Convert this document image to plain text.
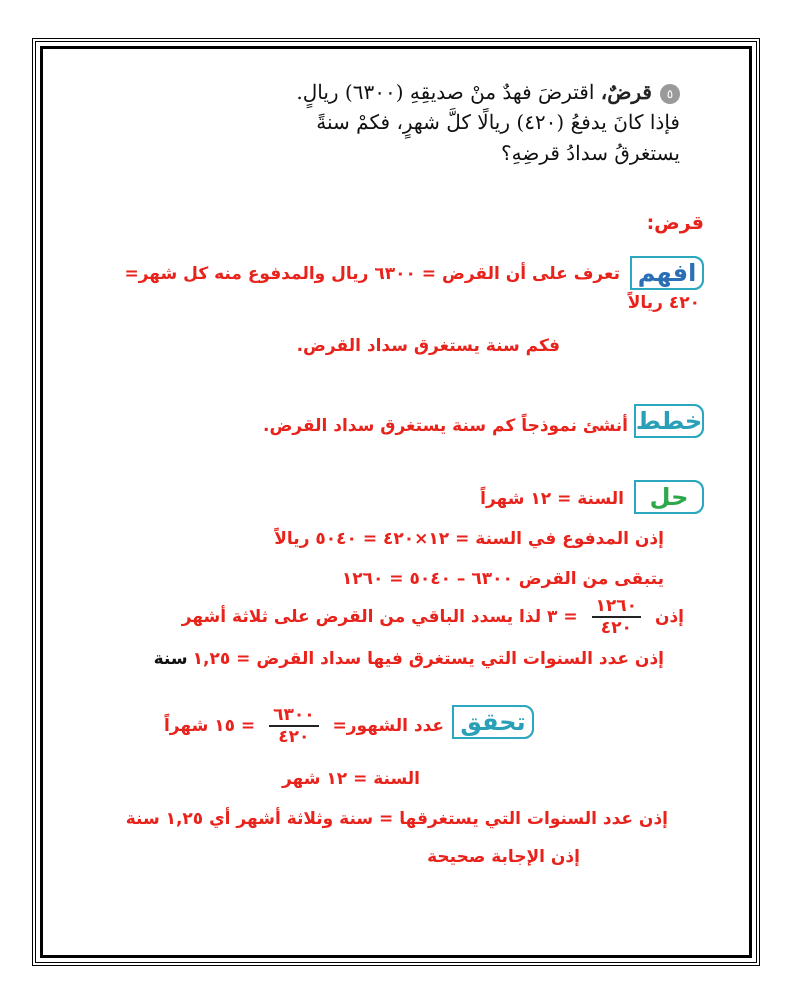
٥قرضٌ، اقترضَ فهدٌ منْ صديقِهِ (٦٣٠٠) ريالٍ.
فإذا كانَ يدفعُ (٤٢٠) ريالًا كلَّ شهرٍ، فكمْ سنةً
يستغرقُ سدادُ قرضِهِ؟
قرض:
افهم
تعرف على أن القرض = ٦٣٠٠ ريال والمدفوع منه كل شهر=
٤٢٠ ريالاً
فكم سنة يستغرق سداد القرض.
خطط
أنشئ نموذجاً كم سنة يستغرق سداد القرض.
حل
السنة = ١٢ شهراً
إذن المدفوع في السنة = ١٢×٤٢٠ = ٥٠٤٠ ريالاً
يتبقى من القرض ٦٣٠٠ – ٥٠٤٠ = ١٢٦٠
إذن
$\frac{١٢٦٠}{٤٢٠}$
= ٣ لذا يسدد الباقي من القرض على ثلاثة أشهر
إذن عدد السنوات التي يستغرق فيها سداد القرض = ١,٢٥ سنة
تحقق
عدد الشهور=
$\frac{٦٣٠٠}{٤٢٠}$
= ١٥ شهراً
السنة = ١٢ شهر
إذن عدد السنوات التي يستغرقها = سنة وثلاثة أشهر أي ١,٢٥ سنة
إذن الإجابة صحيحة
